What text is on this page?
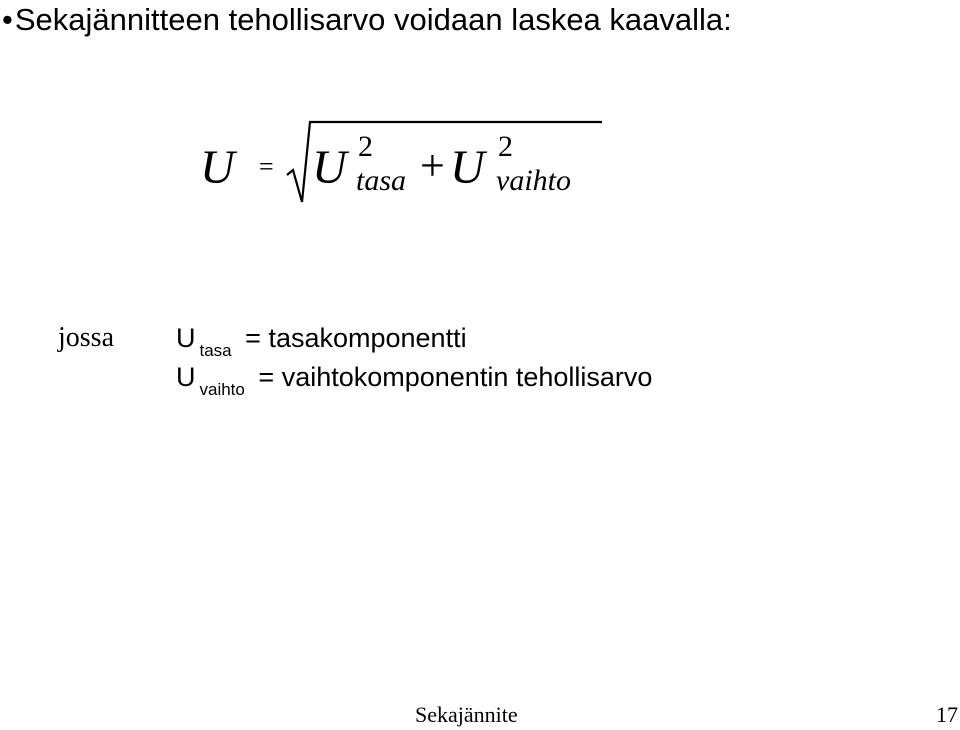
•Sekajännitteen tehollisarvo voidaan laskea kaavalla:
U = U 2
tasa + U 2
vaihto
jossa U $_{tasa}$ = tasakomponentti
U $_{vaihto}$ = vaihtokomponentin tehollisarvo
Sekajännite	17
